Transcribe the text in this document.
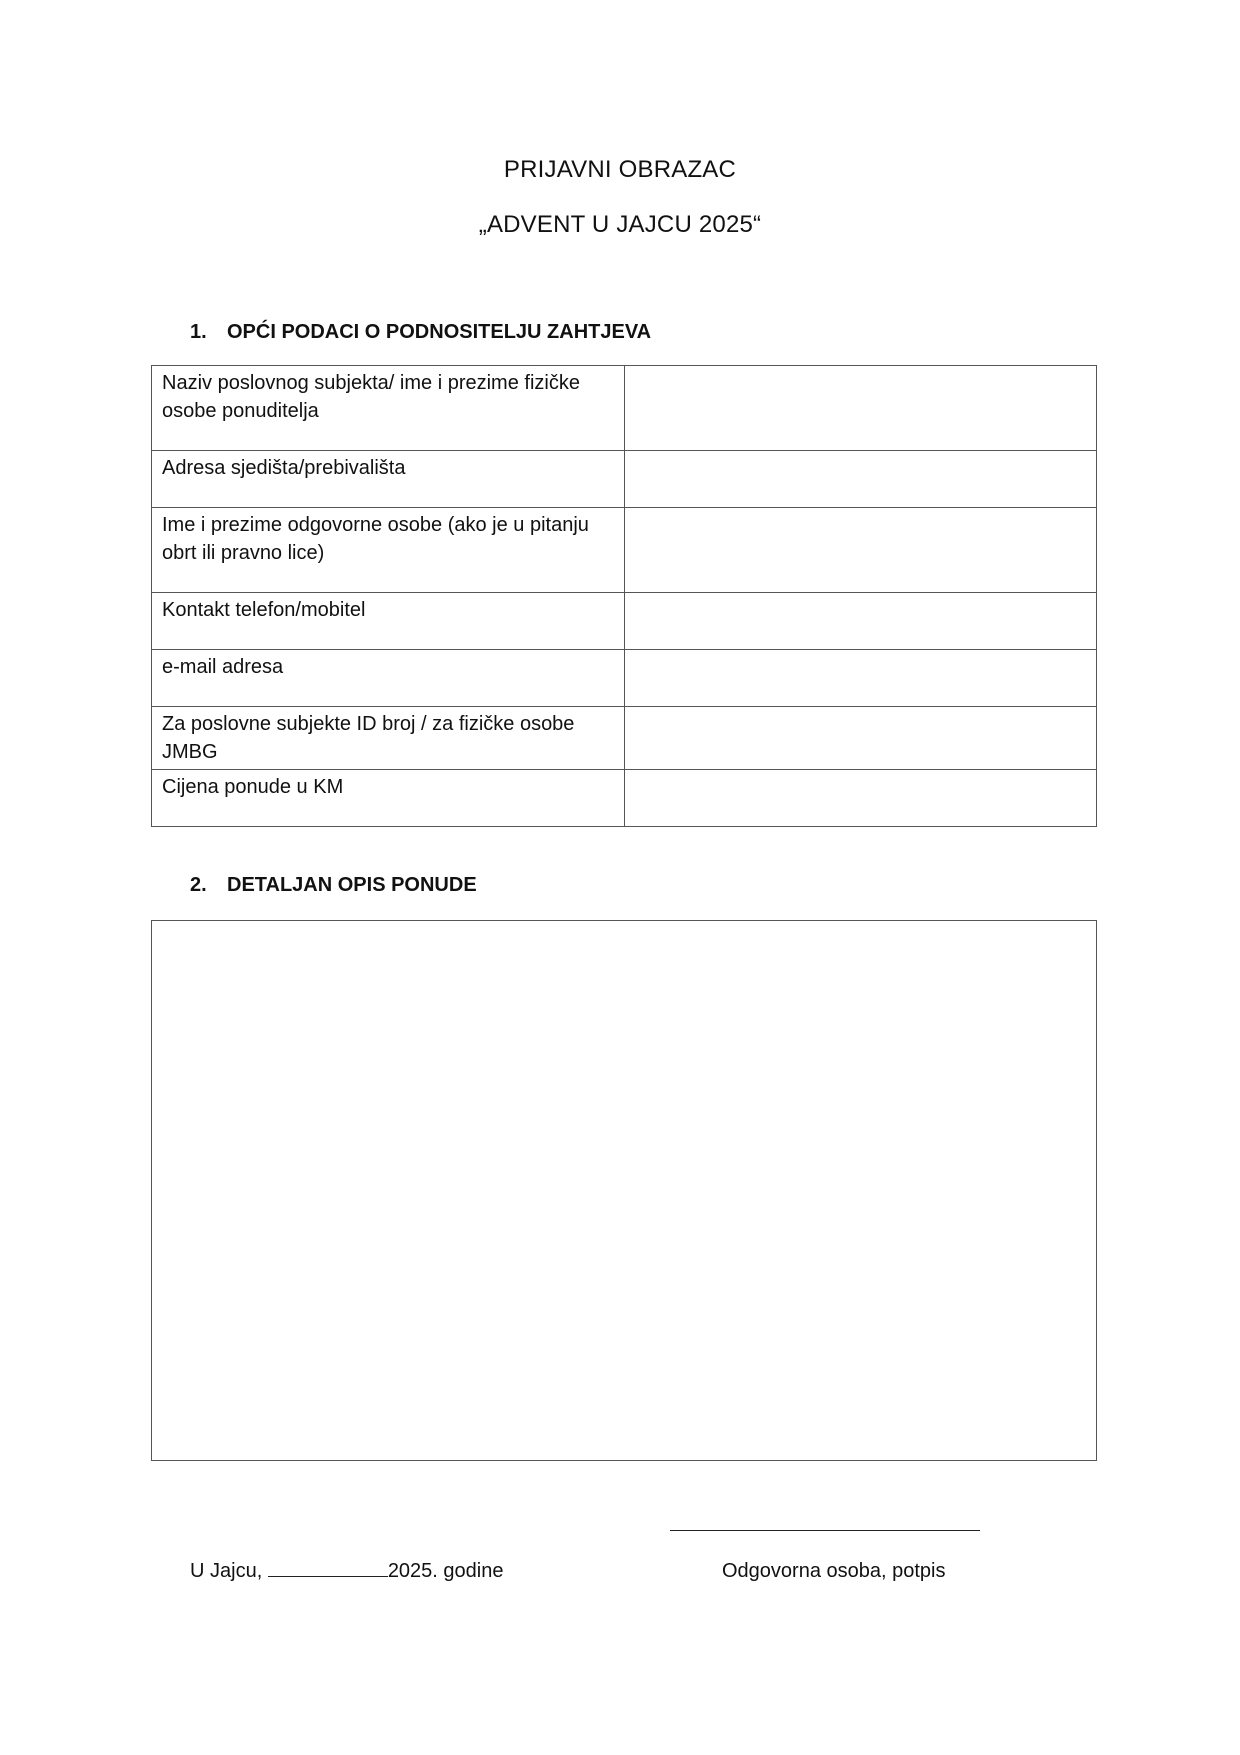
PRIJAVNI OBRAZAC
„ADVENT U JAJCU 2025“
1.	OPĆI PODACI O PODNOSITELJU ZAHTJEVA
Naziv poslovnog subjekta/ ime i prezime fizičke osobe ponuditelja	
Adresa sjedišta/prebivališta	
Ime i prezime odgovorne osobe (ako je u pitanju obrt ili pravno lice)	
Kontakt telefon/mobitel	
e-mail adresa	
Za poslovne subjekte ID broj / za fizičke osobe JMBG	
Cijena ponude u KM	
2.	DETALJAN OPIS PONUDE
U Jajcu,	2025. godine	Odgovorna osoba, potpis
